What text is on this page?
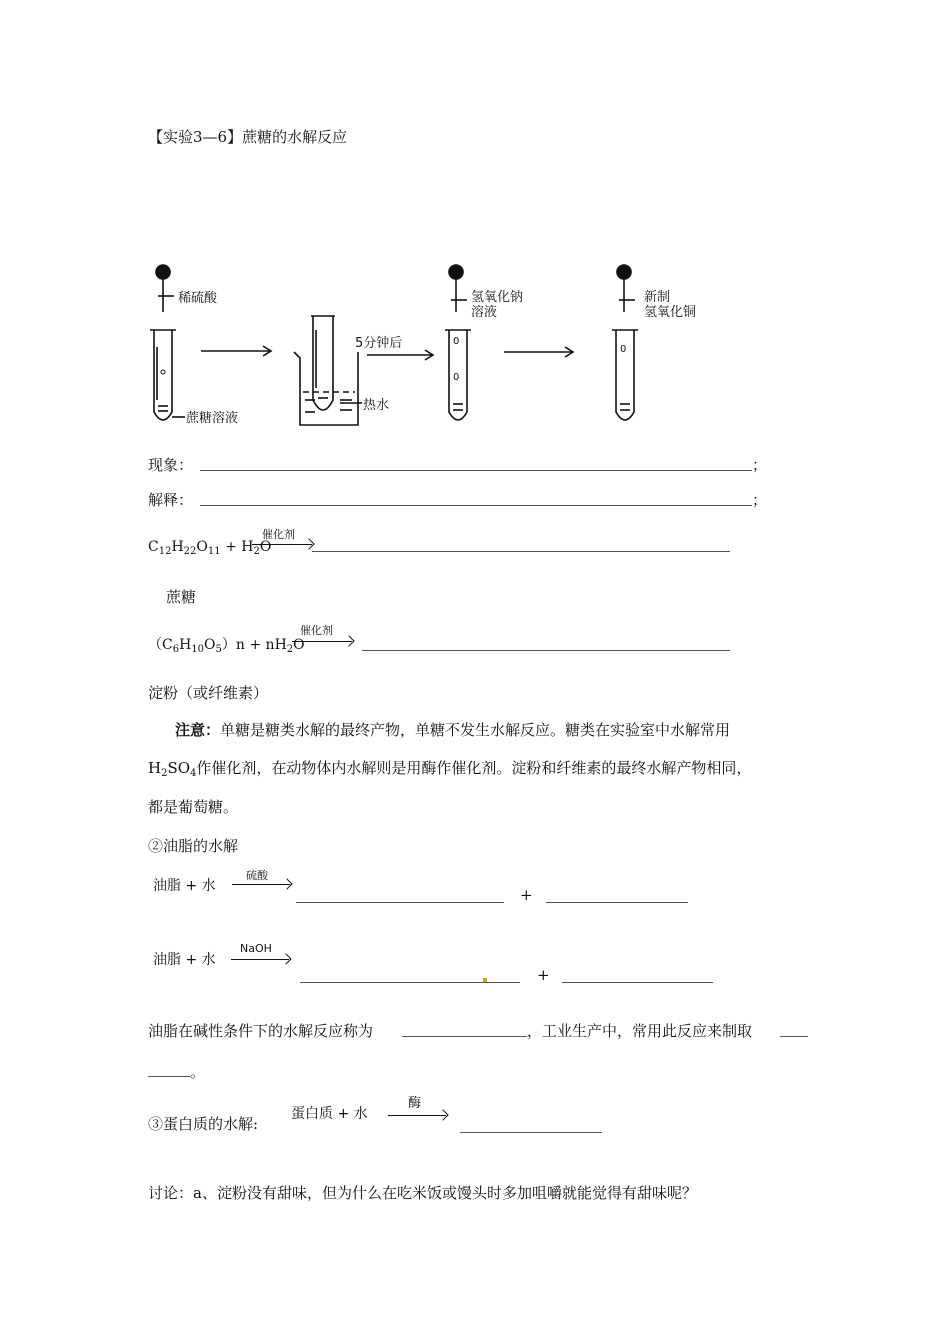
【实验3—6】蔗糖的水解反应
稀硫酸
蔗糖溶液
5分钟后
热水
氢氧化钠
溶液
新制
氢氧化铜
0
0
0
现象：	；
解释：	；
$C_{12}H_{22}O_{11} + H_2O$
催化剂
蔗糖
$(C_6H_{10}O_5)n + nH_2O$
催化剂
淀粉（或纤维素）
注意：单糖是糖类水解的最终产物，单糖不发生水解反应。糖类在实验室中水解常用
$H_2SO_4$作催化剂，在动物体内水解则是用酶作催化剂。淀粉和纤维素的最终水解产物相同，
都是葡萄糖。
②油脂的水解
油脂 + 水
硫酸
+
油脂 + 水
NaOH
+
油脂在碱性条件下的水解反应称为	，工业生产中，常用此反应来制取
。
③蛋白质的水解:
蛋白质 + 水
酶
讨论：a、淀粉没有甜味，但为什么在吃米饭或馒头时多加咀嚼就能觉得有甜味呢？
